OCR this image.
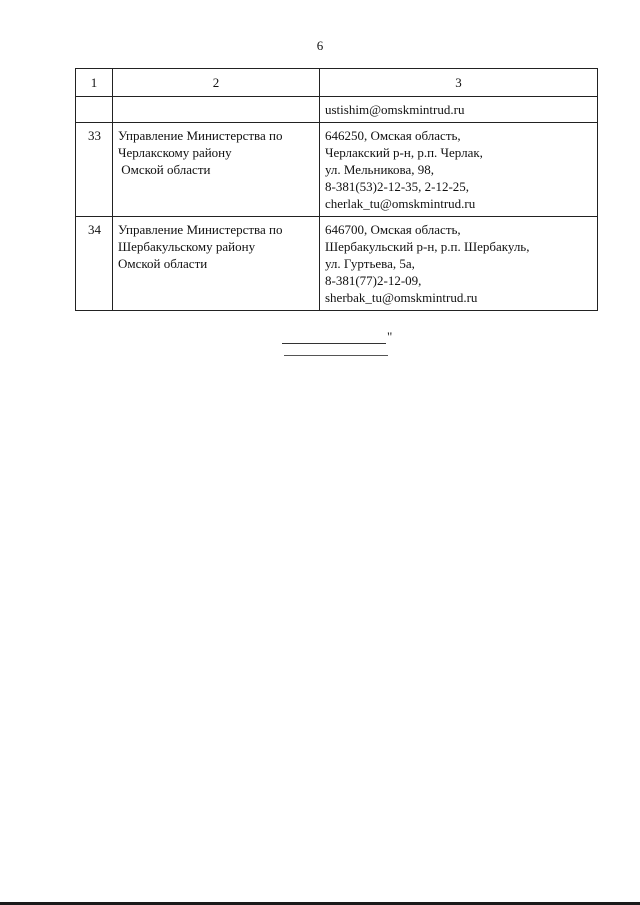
6
1	2	3

		ustishim@omskmintrud.ru

33	Управление Министерства по
Черлакскому району
Омской области	646250, Омская область,
Черлакский р-н, р.п. Черлак,
ул. Мельникова, 98,
8-381(53)2-12-35, 2-12-25,
cherlak_tu@omskmintrud.ru

34	Управление Министерства по
Шербакульскому району
Омской области	646700, Омская область,
Шербакульский р-н, р.п. Шербакуль,
ул. Гуртьева, 5а,
8-381(77)2-12-09,
sherbak_tu@omskmintrud.ru
"
